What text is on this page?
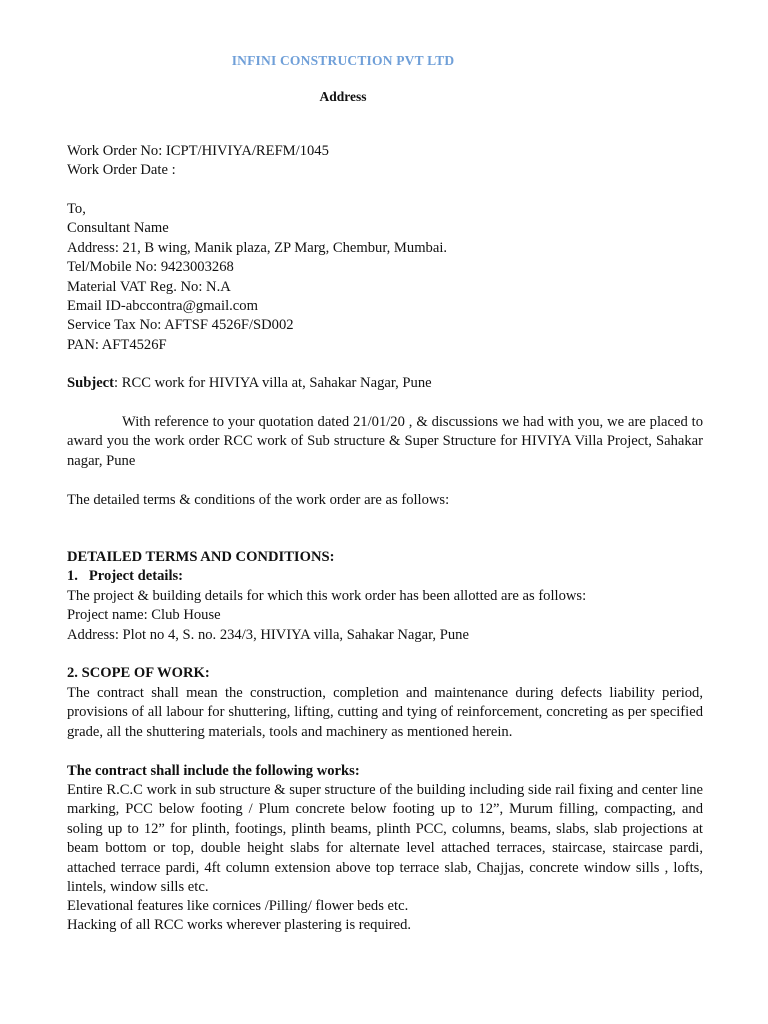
INFINI CONSTRUCTION PVT LTD
Address
Work Order No: ICPT/HIVIYA/REFM/1045
Work Order Date :
To,
Consultant Name
Address: 21, B wing, Manik plaza, ZP Marg, Chembur, Mumbai.
Tel/Mobile No: 9423003268
Material VAT Reg. No: N.A
Email ID-abccontra@gmail.com
Service Tax No: AFTSF 4526F/SD002
PAN: AFT4526F
Subject: RCC work for HIVIYA villa at, Sahakar Nagar, Pune
With reference to your quotation dated 21/01/20 , & discussions we had with you, we are placed to award you the work order RCC work of Sub structure & Super Structure for HIVIYA Villa Project, Sahakar nagar, Pune
The detailed terms & conditions of the work order are as follows:
DETAILED TERMS AND CONDITIONS:
1.   Project details:
The project & building details for which this work order has been allotted are as follows:
Project name: Club House
Address: Plot no 4, S. no. 234/3, HIVIYA villa, Sahakar Nagar, Pune
2. SCOPE OF WORK:
The contract shall mean the construction, completion and maintenance during defects liability period, provisions of all labour for shuttering, lifting, cutting and tying of reinforcement, concreting as per specified grade, all the shuttering materials, tools and machinery as mentioned herein.
The contract shall include the following works:
Entire R.C.C work in sub structure & super structure of the building including side rail fixing and center line marking, PCC below footing / Plum concrete below footing up to 12”, Murum filling, compacting, and soling up to 12” for plinth, footings, plinth beams, plinth PCC, columns, beams, slabs, slab projections at beam bottom or top, double height slabs for alternate level attached terraces, staircase, staircase pardi, attached terrace pardi, 4ft column extension above top terrace slab, Chajjas, concrete window sills , lofts, lintels, window sills etc.
Elevational features like cornices /Pilling/ flower beds etc.
Hacking of all RCC works wherever plastering is required.
